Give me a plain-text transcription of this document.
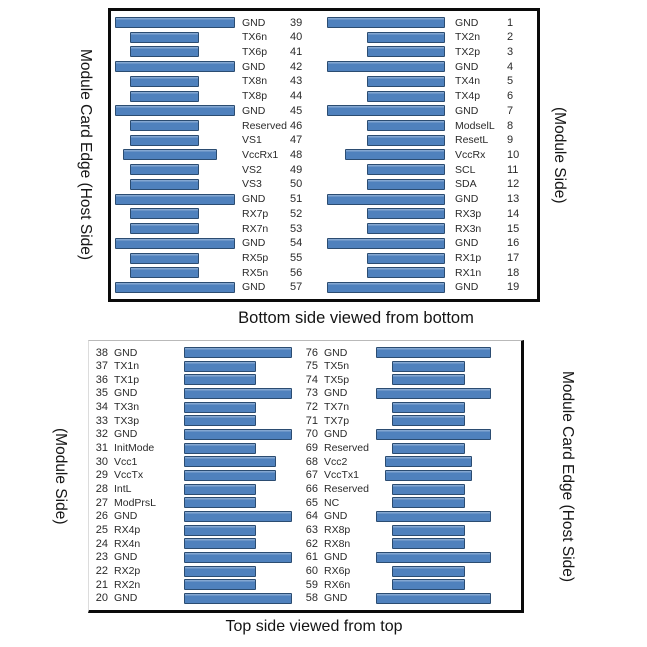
Module Card Edge (Host Side)	(Module Side)
GND	39
TX6n	40
TX6p	41
GND	42
TX8n	43
TX8p	44
GND	45
Reserved 46
VS1	47
VccRx1	48
VS2	49
VS3	50
GND	51
RX7p	52
RX7n	53
GND	54
RX5p	55
RX5n	56
GND	57
GND	1
TX2n	2
TX2p	3
GND	4
TX4n	5
TX4p	6
GND	7
ModselL	8
ResetL	9
VccRx	10
SCL	11
SDA	12
GND	13
RX3p	14
RX3n	15
GND	16
RX1p	17
RX1n	18
GND	19
Bottom side viewed from bottom
(Module Side)	Module Card Edge (Host Side)
38 GND
37 TX1n
36 TX1p
35 GND
34 TX3n
33 TX3p
32 GND
31 InitMode
30 Vcc1
29 VccTx
28 IntL
27 ModPrsL
26 GND
25 RX4p
24 RX4n
23 GND
22 RX2p
21 RX2n
20 GND
76 GND
75 TX5n
74 TX5p
73 GND
72 TX7n
71 TX7p
70 GND
69 Reserved
68 Vcc2
67 VccTx1
66 Reserved
65 NC
64 GND
63 RX8p
62 RX8n
61 GND
60 RX6p
59 RX6n
58 GND
Top side viewed from top
